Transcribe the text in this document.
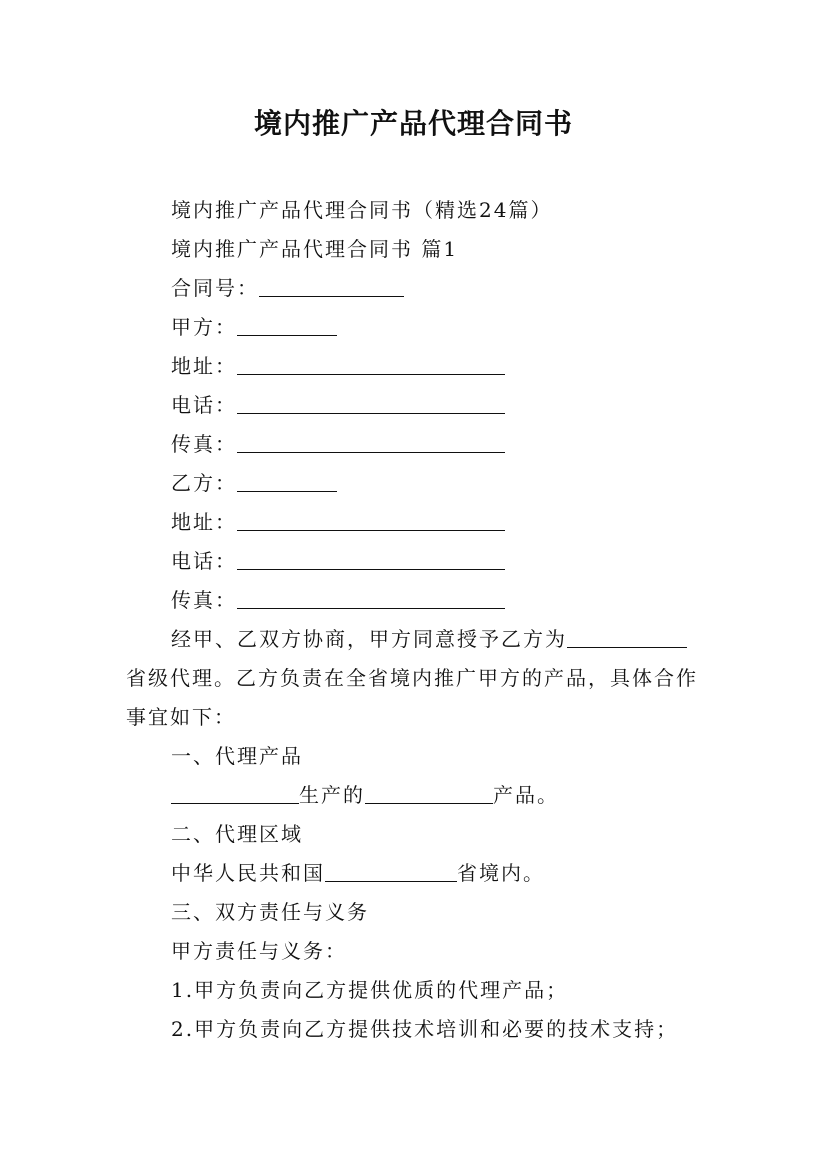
境内推广产品代理合同书

境内推广产品代理合同书（精选24篇）

境内推广产品代理合同书 篇1

合同号：

甲方：

地址：

电话：

传真：

乙方：

地址：

电话：

传真：

经甲、乙双方协商，甲方同意授予乙方为省级代理。乙方负责在全省境内推广甲方的产品，具体合作事宜如下：

一、代理产品

生产的	产品。

二、代理区域

中华人民共和国	省境内。

三、双方责任与义务

甲方责任与义务：

1.甲方负责向乙方提供优质的代理产品；

2.甲方负责向乙方提供技术培训和必要的技术支持；
